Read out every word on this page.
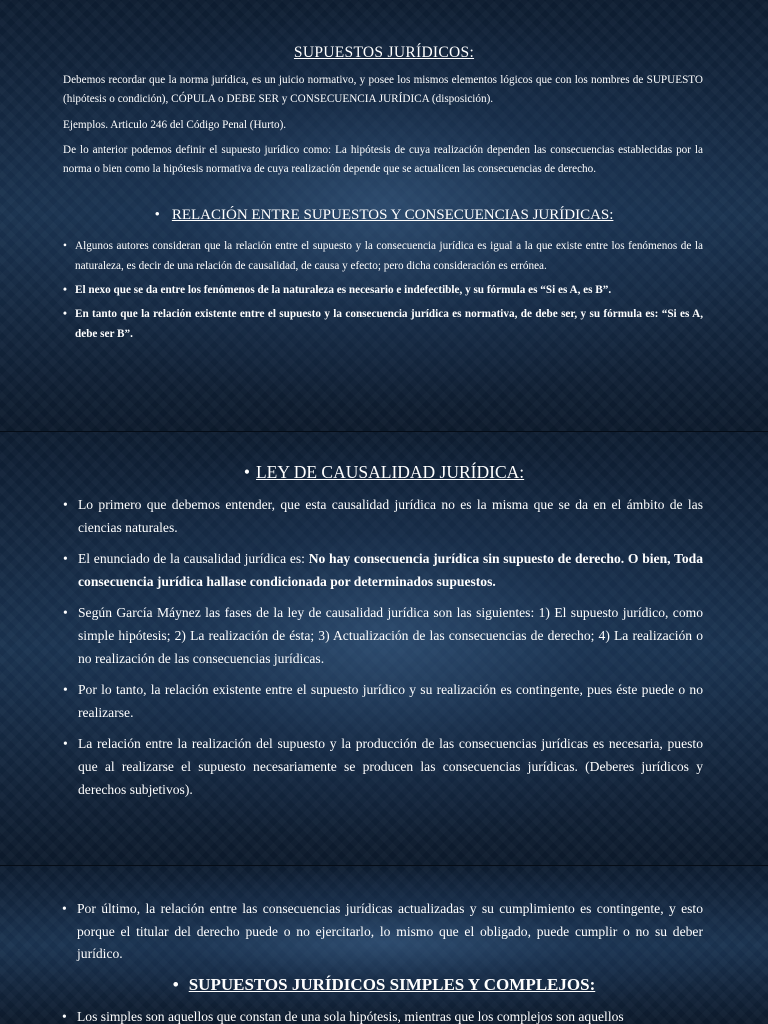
SUPUESTOS JURÍDICOS:

Debemos recordar que la norma jurídica, es un juicio normativo, y posee los mismos elementos lógicos que con los nombres de SUPUESTO (hipótesis o condición), CÓPULA o DEBE SER y CONSECUENCIA JURÍDICA (disposición).

Ejemplos. Articulo 246 del Código Penal (Hurto).

De lo anterior podemos definir el supuesto jurídico como: La hipótesis de cuya realización dependen las consecuencias establecidas por la norma o bien como la hipótesis normativa de cuya realización depende que se actualicen las consecuencias de derecho.

• RELACIÓN ENTRE SUPUESTOS Y CONSECUENCIAS JURÍDICAS:
• Algunos autores consideran que la relación entre el supuesto y la consecuencia jurídica es igual a la que existe entre los fenómenos de la naturaleza, es decir de una relación de causalidad, de causa y efecto; pero dicha consideración es errónea.
• El nexo que se da entre los fenómenos de la naturaleza es necesario e indefectible, y su fórmula es “Si es A, es B”.
• En tanto que la relación existente entre el supuesto y la consecuencia jurídica es normativa, de debe ser, y su fórmula es: “Si es A, debe ser B”.
• LEY DE CAUSALIDAD JURÍDICA:
• Lo primero que debemos entender, que esta causalidad jurídica no es la misma que se da en el ámbito de las ciencias naturales.
• El enunciado de la causalidad jurídica es: No hay consecuencia jurídica sin supuesto de derecho. O bien, Toda consecuencia jurídica hallase condicionada por determinados supuestos.
• Según García Máynez las fases de la ley de causalidad jurídica son las siguientes: 1) El supuesto jurídico, como simple hipótesis; 2) La realización de ésta; 3) Actualización de las consecuencias de derecho; 4) La realización o no realización de las consecuencias jurídicas.
• Por lo tanto, la relación existente entre el supuesto jurídico y su realización es contingente, pues éste puede o no realizarse.
• La relación entre la realización del supuesto y la producción de las consecuencias jurídicas es necesaria, puesto que al realizarse el supuesto necesariamente se producen las consecuencias jurídicas. (Deberes jurídicos y derechos subjetivos).
• Por último, la relación entre las consecuencias jurídicas actualizadas y su cumplimiento es contingente, y esto porque el titular del derecho puede o no ejercitarlo, lo mismo que el obligado, puede cumplir o no su deber jurídico.
• SUPUESTOS JURÍDICOS SIMPLES Y COMPLEJOS:
• Los simples son aquellos que constan de una sola hipótesis, mientras que los complejos son aquellos
